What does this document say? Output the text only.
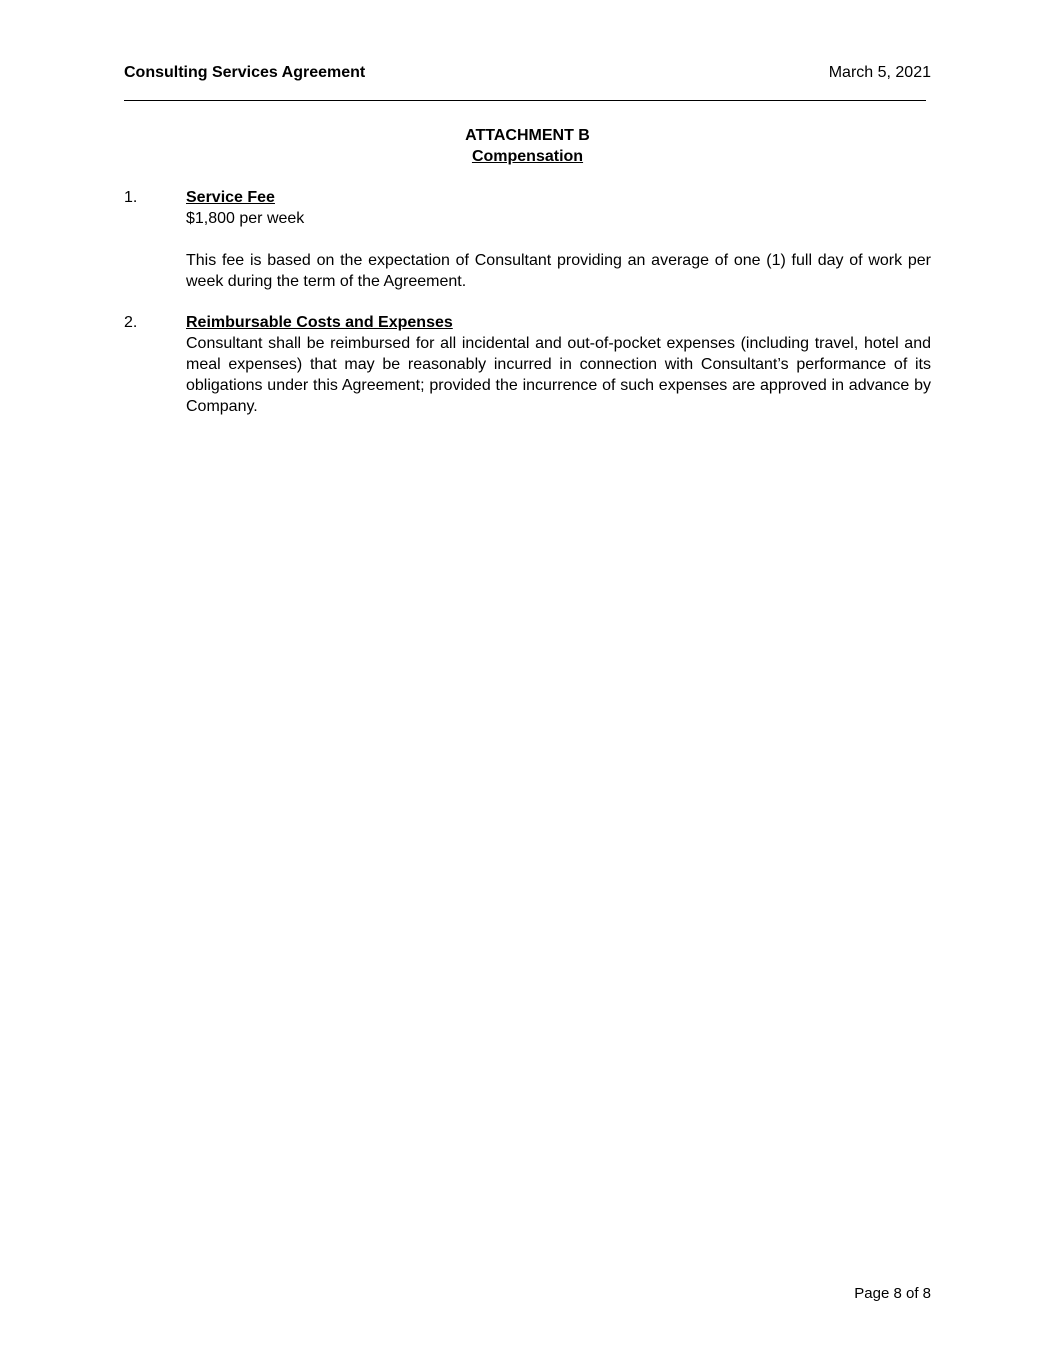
Consulting Services Agreement	March 5, 2021
ATTACHMENT B
Compensation
1.	Service Fee
$1,800 per week

This fee is based on the expectation of Consultant providing an average of one (1) full day of work per week during the term of the Agreement.

2.	Reimbursable Costs and Expenses

Consultant shall be reimbursed for all incidental and out-of-pocket expenses (including travel, hotel and meal expenses) that may be reasonably incurred in connection with Consultant’s performance of its obligations under this Agreement; provided the incurrence of such expenses are approved in advance by Company.

Page 8 of 8
